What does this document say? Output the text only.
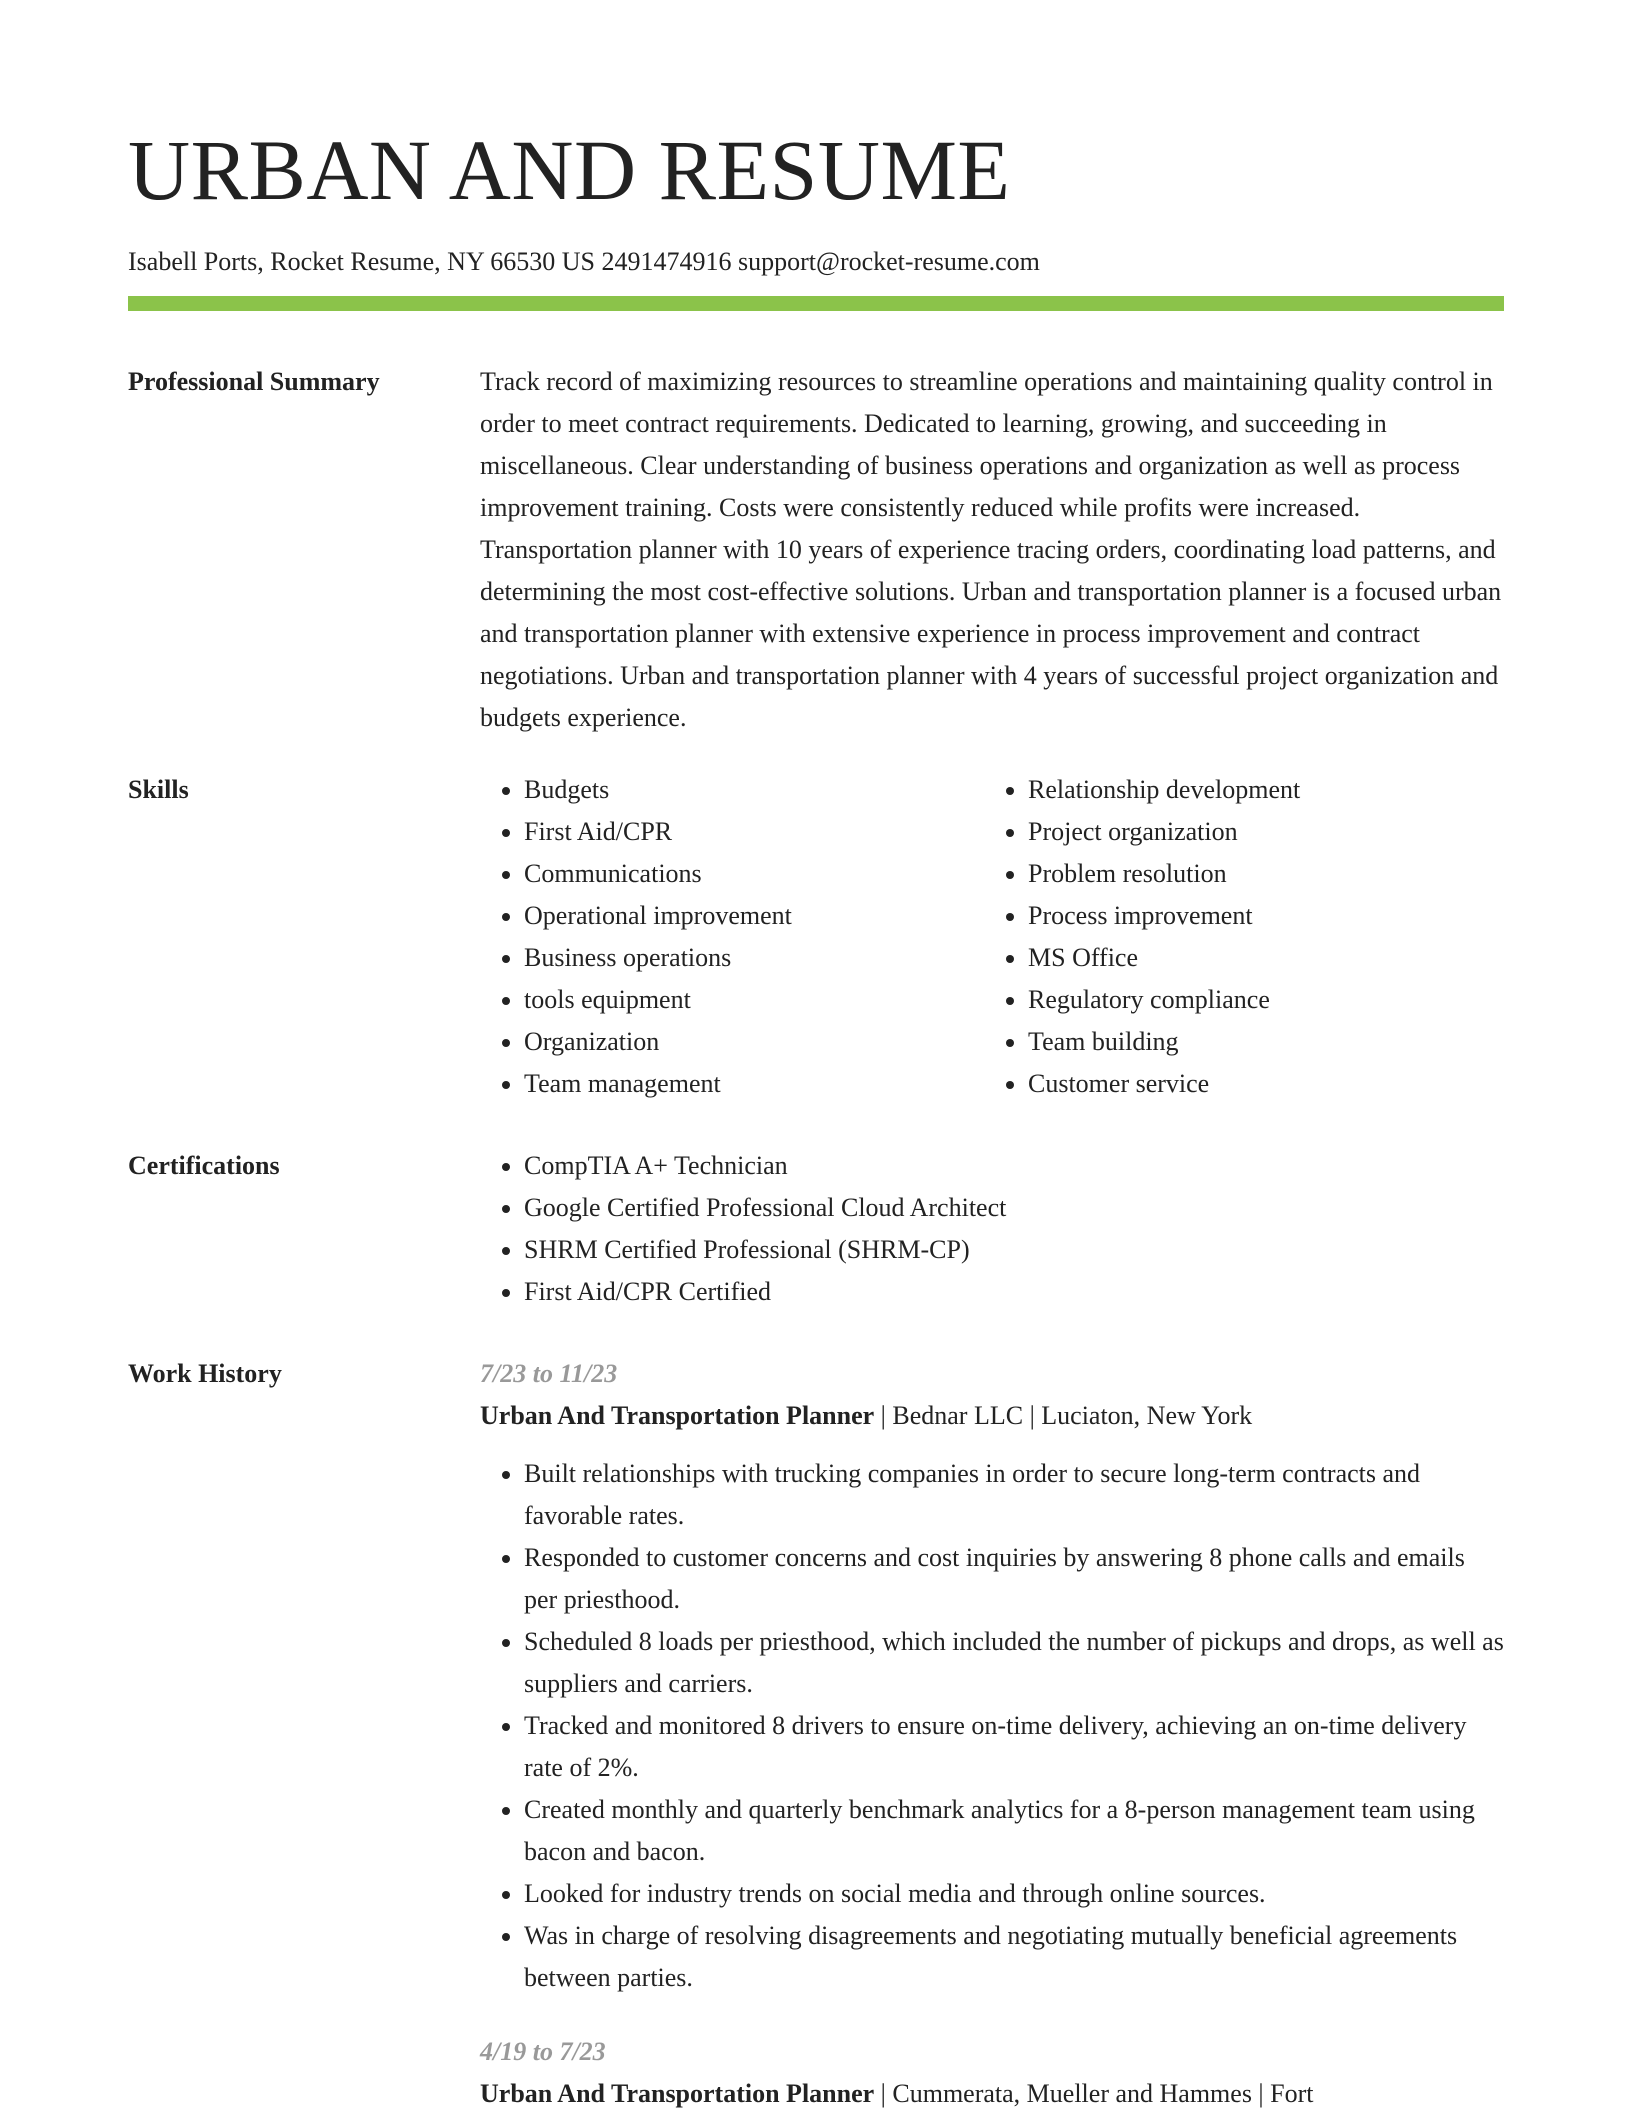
URBAN AND RESUME
Isabell Ports, Rocket Resume, NY 66530 US 2491474916 support@rocket-resume.com
Professional Summary	Track record of maximizing resources to streamline operations and maintaining quality control in order to meet contract requirements. Dedicated to learning, growing, and succeeding in miscellaneous. Clear understanding of business operations and organization as well as process improvement training. Costs were consistently reduced while profits were increased. Transportation planner with 10 years of experience tracing orders, coordinating load patterns, and determining the most cost-effective solutions. Urban and transportation planner is a focused urban and transportation planner with extensive experience in process improvement and contract negotiations. Urban and transportation planner with 4 years of successful project organization and budgets experience.

Skills	• Budgets
• First Aid/CPR
• Communications
• Operational improvement
• Business operations
• tools equipment
• Organization
• Team management
• Relationship development
• Project organization
• Problem resolution
• Process improvement
• MS Office
• Regulatory compliance
• Team building
• Customer service
Certifications	• CompTIA A+ Technician
• Google Certified Professional Cloud Architect
• SHRM Certified Professional (SHRM-CP)
• First Aid/CPR Certified
Work History	7/23 to 11/23
Urban And Transportation Planner | Bednar LLC | Luciaton, New York
• Built relationships with trucking companies in order to secure long-term contracts and favorable rates.
• Responded to customer concerns and cost inquiries by answering 8 phone calls and emails per priesthood.
• Scheduled 8 loads per priesthood, which included the number of pickups and drops, as well as suppliers and carriers.
• Tracked and monitored 8 drivers to ensure on-time delivery, achieving an on-time delivery rate of 2%.
• Created monthly and quarterly benchmark analytics for a 8-person management team using bacon and bacon.
• Looked for industry trends on social media and through online sources.
• Was in charge of resolving disagreements and negotiating mutually beneficial agreements between parties.
4/19 to 7/23
Urban And Transportation Planner | Cummerata, Mueller and Hammes | Fort
